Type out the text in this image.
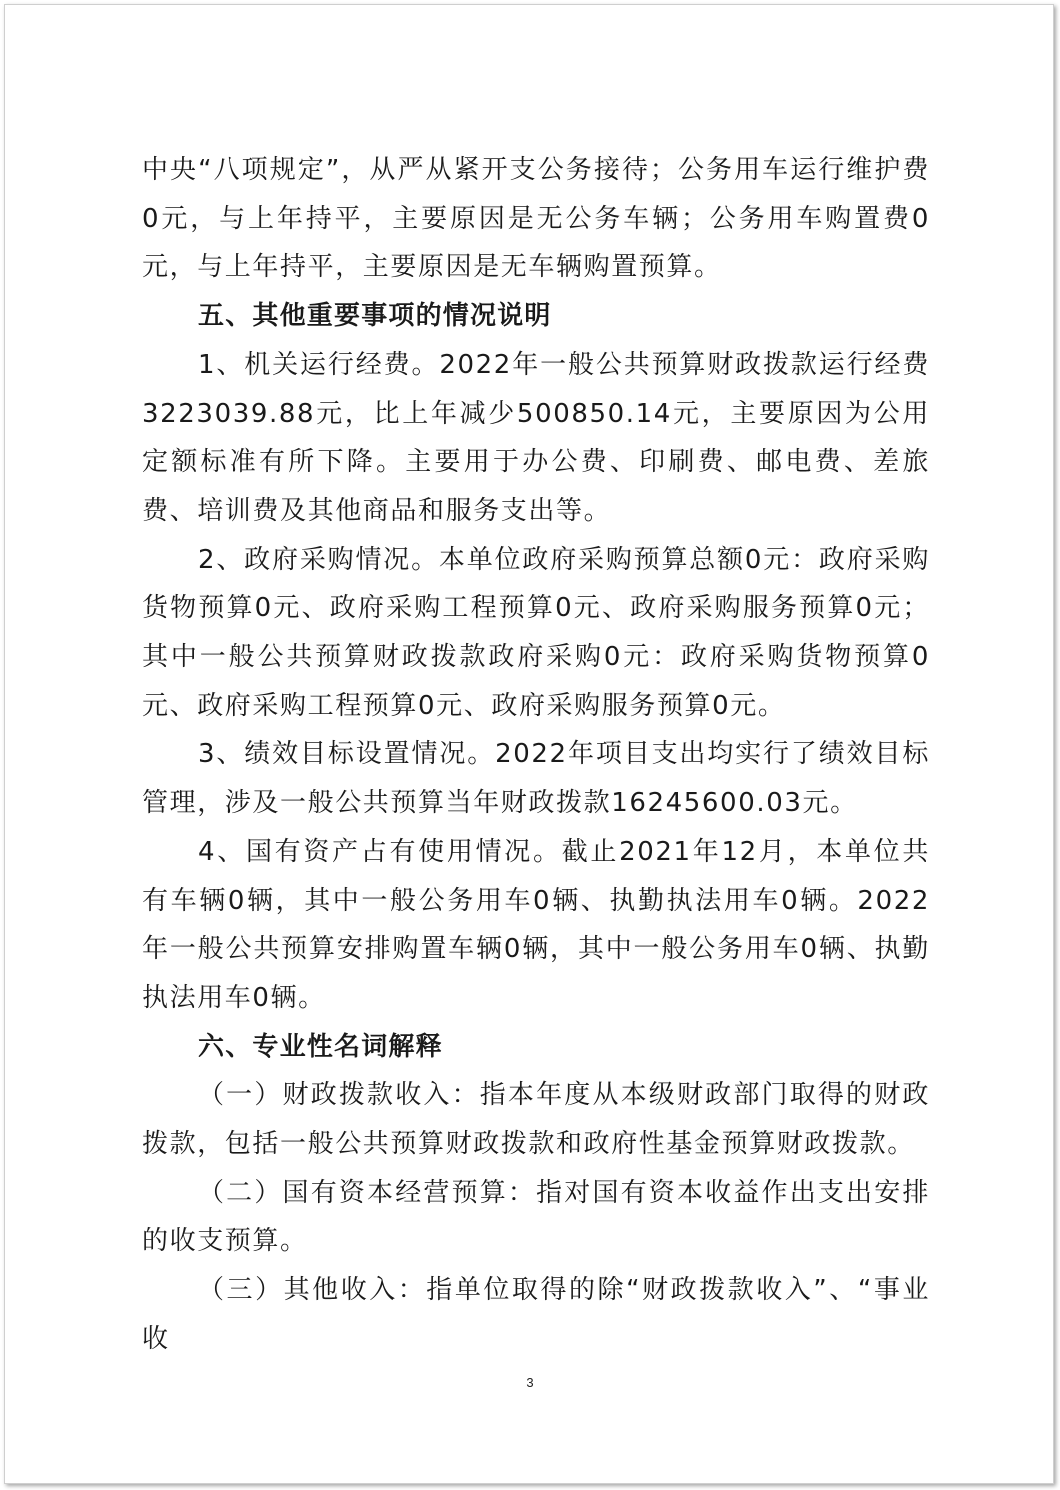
中央“八项规定”，从严从紧开支公务接待；公务用车运行维护费0元，与上年持平，主要原因是无公务车辆；公务用车购置费0元，与上年持平，主要原因是无车辆购置预算。

五、其他重要事项的情况说明

1、机关运行经费。2022年一般公共预算财政拨款运行经费3223039.88元，比上年减少500850.14元，主要原因为公用定额标准有所下降。主要用于办公费、印刷费、邮电费、差旅费、培训费及其他商品和服务支出等。

2、政府采购情况。本单位政府采购预算总额0元：政府采购货物预算0元、政府采购工程预算0元、政府采购服务预算0元；其中一般公共预算财政拨款政府采购0元：政府采购货物预算0元、政府采购工程预算0元、政府采购服务预算0元。

3、绩效目标设置情况。2022年项目支出均实行了绩效目标管理，涉及一般公共预算当年财政拨款16245600.03元。

4、国有资产占有使用情况。截止2021年12月，本单位共有车辆0辆，其中一般公务用车0辆、执勤执法用车0辆。2022年一般公共预算安排购置车辆0辆，其中一般公务用车0辆、执勤执法用车0辆。

六、专业性名词解释

（一）财政拨款收入：指本年度从本级财政部门取得的财政拨款，包括一般公共预算财政拨款和政府性基金预算财政拨款。

（二）国有资本经营预算：指对国有资本收益作出支出安排的收支预算。

（三）其他收入：指单位取得的除“财政拨款收入”、“事业收

3
